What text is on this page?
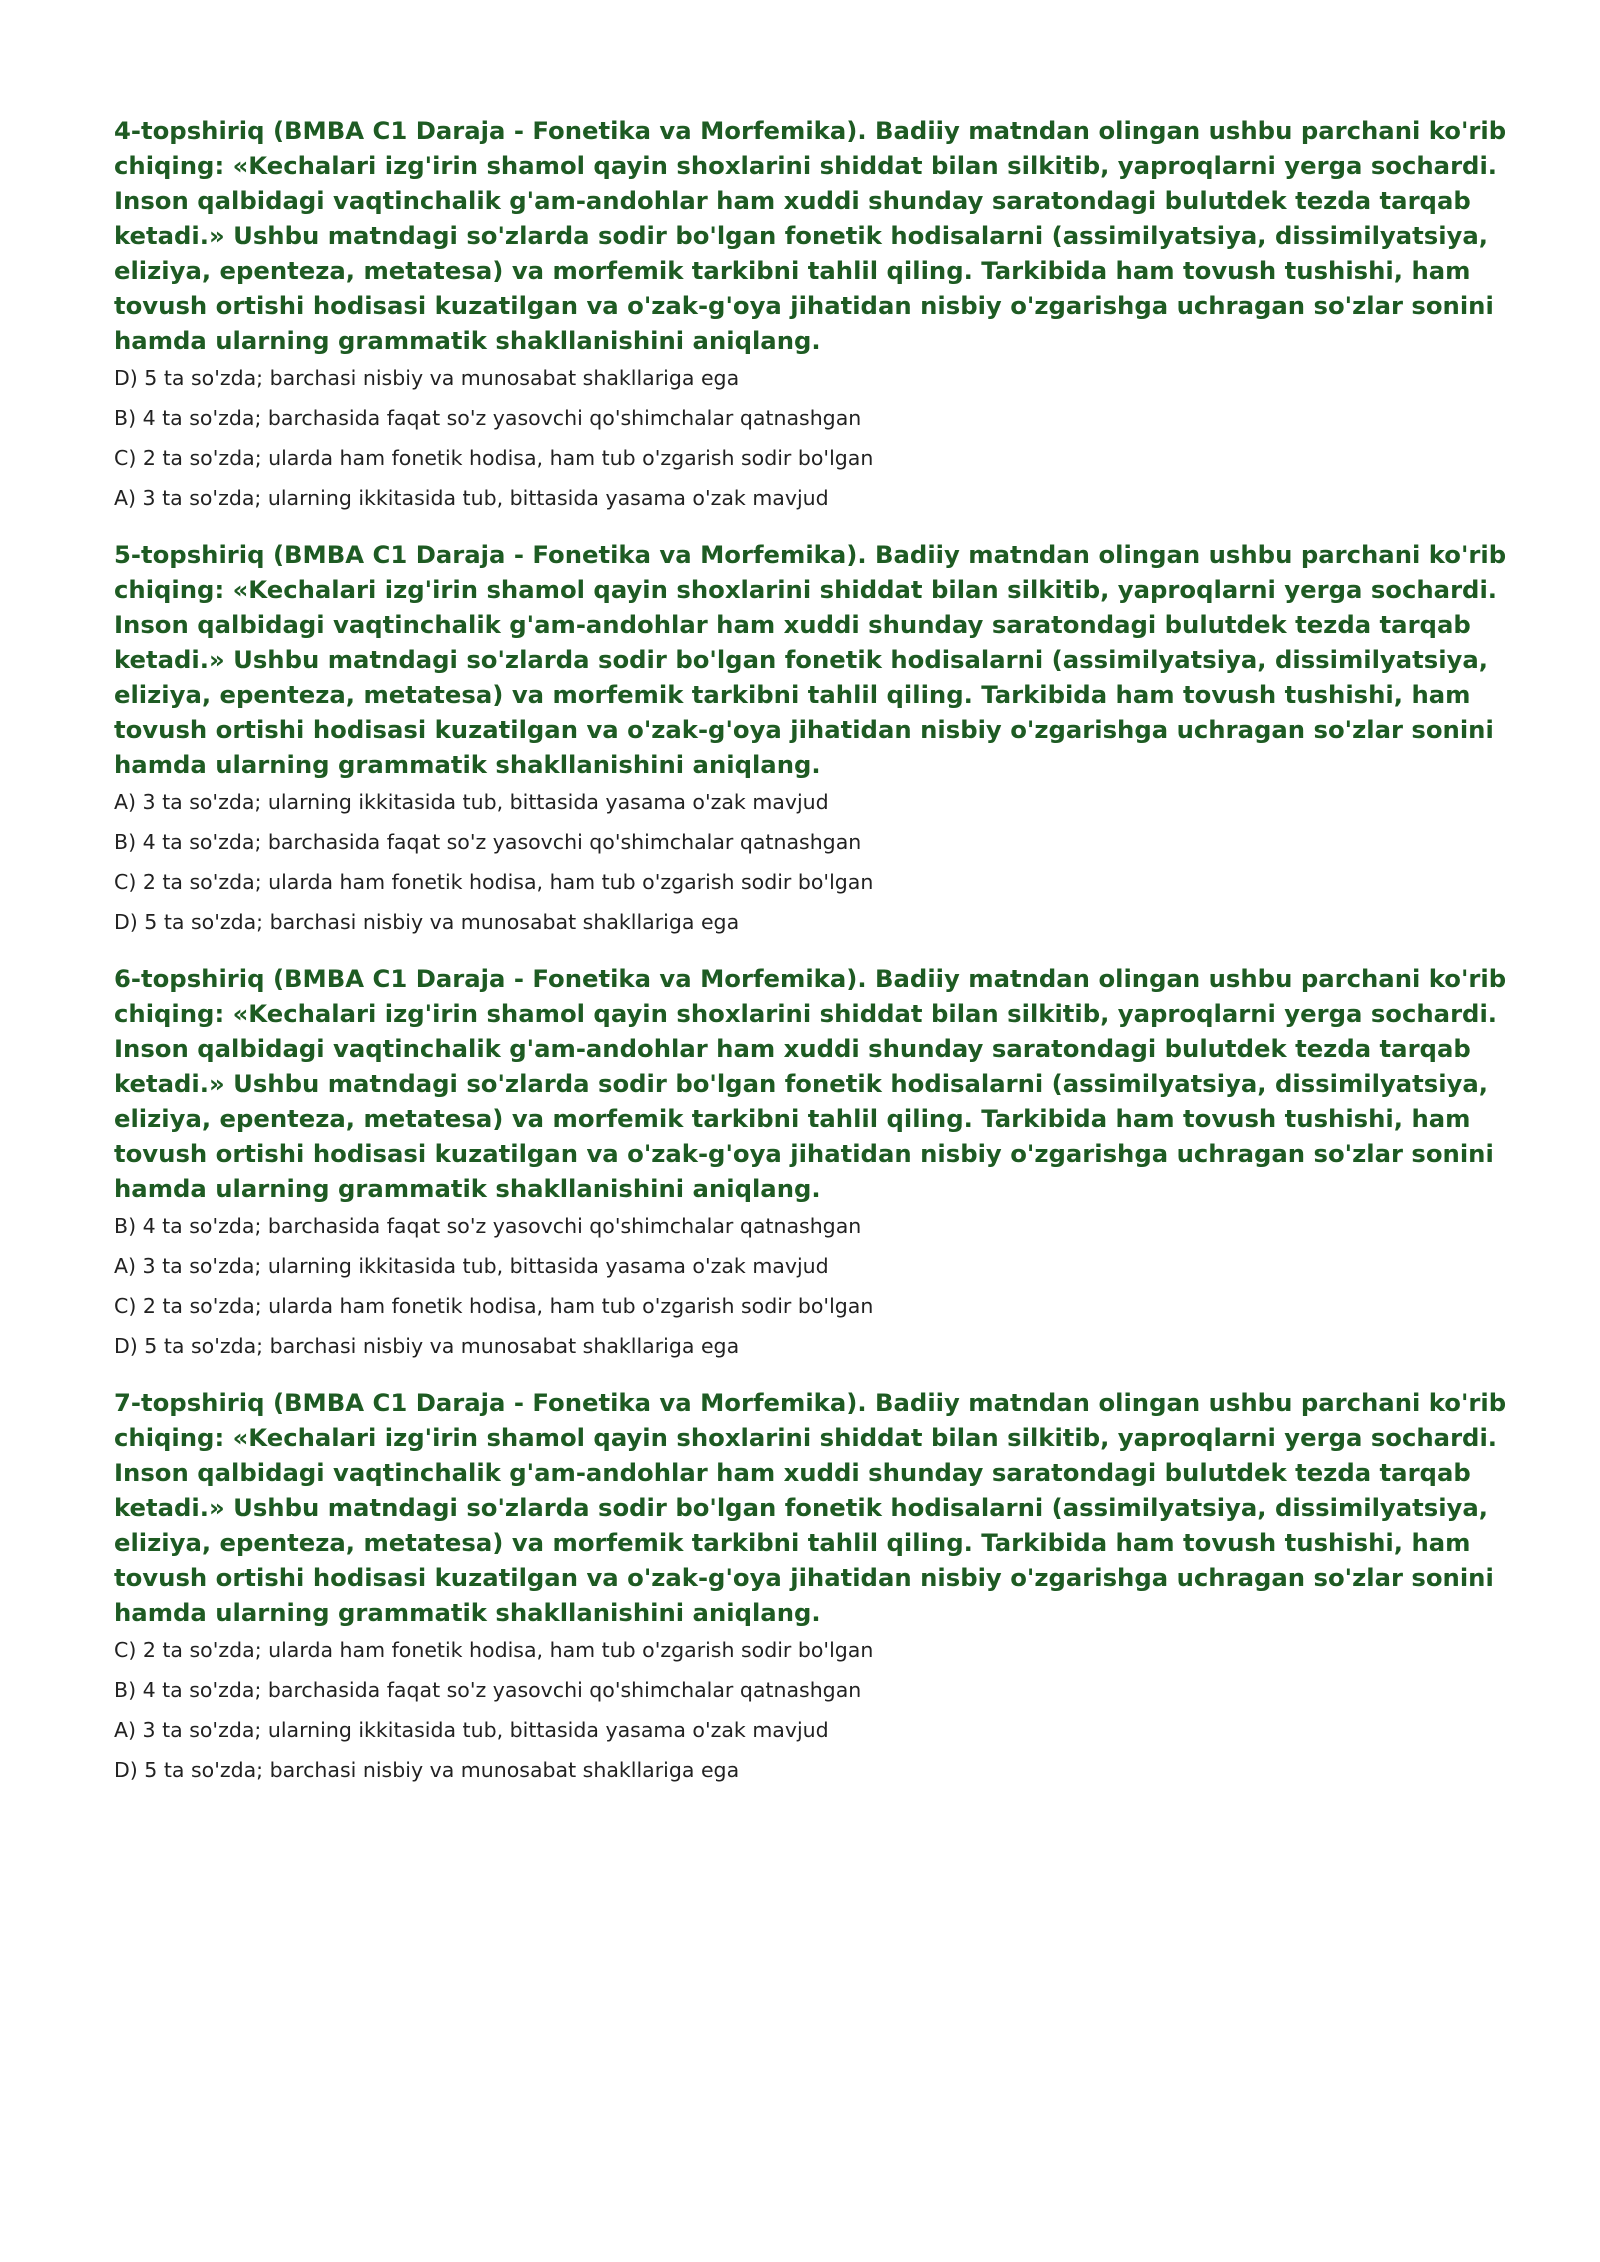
4-topshiriq (BMBA C1 Daraja - Fonetika va Morfemika). Badiiy matndan olingan ushbu parchani ko'rib chiqing: «Kechalari izg'irin shamol qayin shoxlarini shiddat bilan silkitib, yaproqlarni yerga sochardi. Inson qalbidagi vaqtinchalik g'am-andohlar ham xuddi shunday saratondagi bulutdek tezda tarqab ketadi.» Ushbu matndagi so'zlarda sodir bo'lgan fonetik hodisalarni (assimilyatsiya, dissimilyatsiya, eliziya, epenteza, metatesa) va morfemik tarkibni tahlil qiling. Tarkibida ham tovush tushishi, ham tovush ortishi hodisasi kuzatilgan va o'zak-g'oya jihatidan nisbiy o'zgarishga uchragan so'zlar sonini hamda ularning grammatik shakllanishini aniqlang.

D) 5 ta so'zda; barchasi nisbiy va munosabat shakllariga ega
B) 4 ta so'zda; barchasida faqat so'z yasovchi qo'shimchalar qatnashgan
C) 2 ta so'zda; ularda ham fonetik hodisa, ham tub o'zgarish sodir bo'lgan
A) 3 ta so'zda; ularning ikkitasida tub, bittasida yasama o'zak mavjud

5-topshiriq (BMBA C1 Daraja - Fonetika va Morfemika). Badiiy matndan olingan ushbu parchani ko'rib chiqing: «Kechalari izg'irin shamol qayin shoxlarini shiddat bilan silkitib, yaproqlarni yerga sochardi. Inson qalbidagi vaqtinchalik g'am-andohlar ham xuddi shunday saratondagi bulutdek tezda tarqab ketadi.» Ushbu matndagi so'zlarda sodir bo'lgan fonetik hodisalarni (assimilyatsiya, dissimilyatsiya, eliziya, epenteza, metatesa) va morfemik tarkibni tahlil qiling. Tarkibida ham tovush tushishi, ham tovush ortishi hodisasi kuzatilgan va o'zak-g'oya jihatidan nisbiy o'zgarishga uchragan so'zlar sonini hamda ularning grammatik shakllanishini aniqlang.

A) 3 ta so'zda; ularning ikkitasida tub, bittasida yasama o'zak mavjud
B) 4 ta so'zda; barchasida faqat so'z yasovchi qo'shimchalar qatnashgan
C) 2 ta so'zda; ularda ham fonetik hodisa, ham tub o'zgarish sodir bo'lgan
D) 5 ta so'zda; barchasi nisbiy va munosabat shakllariga ega

6-topshiriq (BMBA C1 Daraja - Fonetika va Morfemika). Badiiy matndan olingan ushbu parchani ko'rib chiqing: «Kechalari izg'irin shamol qayin shoxlarini shiddat bilan silkitib, yaproqlarni yerga sochardi. Inson qalbidagi vaqtinchalik g'am-andohlar ham xuddi shunday saratondagi bulutdek tezda tarqab ketadi.» Ushbu matndagi so'zlarda sodir bo'lgan fonetik hodisalarni (assimilyatsiya, dissimilyatsiya, eliziya, epenteza, metatesa) va morfemik tarkibni tahlil qiling. Tarkibida ham tovush tushishi, ham tovush ortishi hodisasi kuzatilgan va o'zak-g'oya jihatidan nisbiy o'zgarishga uchragan so'zlar sonini hamda ularning grammatik shakllanishini aniqlang.

B) 4 ta so'zda; barchasida faqat so'z yasovchi qo'shimchalar qatnashgan
A) 3 ta so'zda; ularning ikkitasida tub, bittasida yasama o'zak mavjud
C) 2 ta so'zda; ularda ham fonetik hodisa, ham tub o'zgarish sodir bo'lgan
D) 5 ta so'zda; barchasi nisbiy va munosabat shakllariga ega

7-topshiriq (BMBA C1 Daraja - Fonetika va Morfemika). Badiiy matndan olingan ushbu parchani ko'rib chiqing: «Kechalari izg'irin shamol qayin shoxlarini shiddat bilan silkitib, yaproqlarni yerga sochardi. Inson qalbidagi vaqtinchalik g'am-andohlar ham xuddi shunday saratondagi bulutdek tezda tarqab ketadi.» Ushbu matndagi so'zlarda sodir bo'lgan fonetik hodisalarni (assimilyatsiya, dissimilyatsiya, eliziya, epenteza, metatesa) va morfemik tarkibni tahlil qiling. Tarkibida ham tovush tushishi, ham tovush ortishi hodisasi kuzatilgan va o'zak-g'oya jihatidan nisbiy o'zgarishga uchragan so'zlar sonini hamda ularning grammatik shakllanishini aniqlang.

C) 2 ta so'zda; ularda ham fonetik hodisa, ham tub o'zgarish sodir bo'lgan
B) 4 ta so'zda; barchasida faqat so'z yasovchi qo'shimchalar qatnashgan
A) 3 ta so'zda; ularning ikkitasida tub, bittasida yasama o'zak mavjud
D) 5 ta so'zda; barchasi nisbiy va munosabat shakllariga ega
